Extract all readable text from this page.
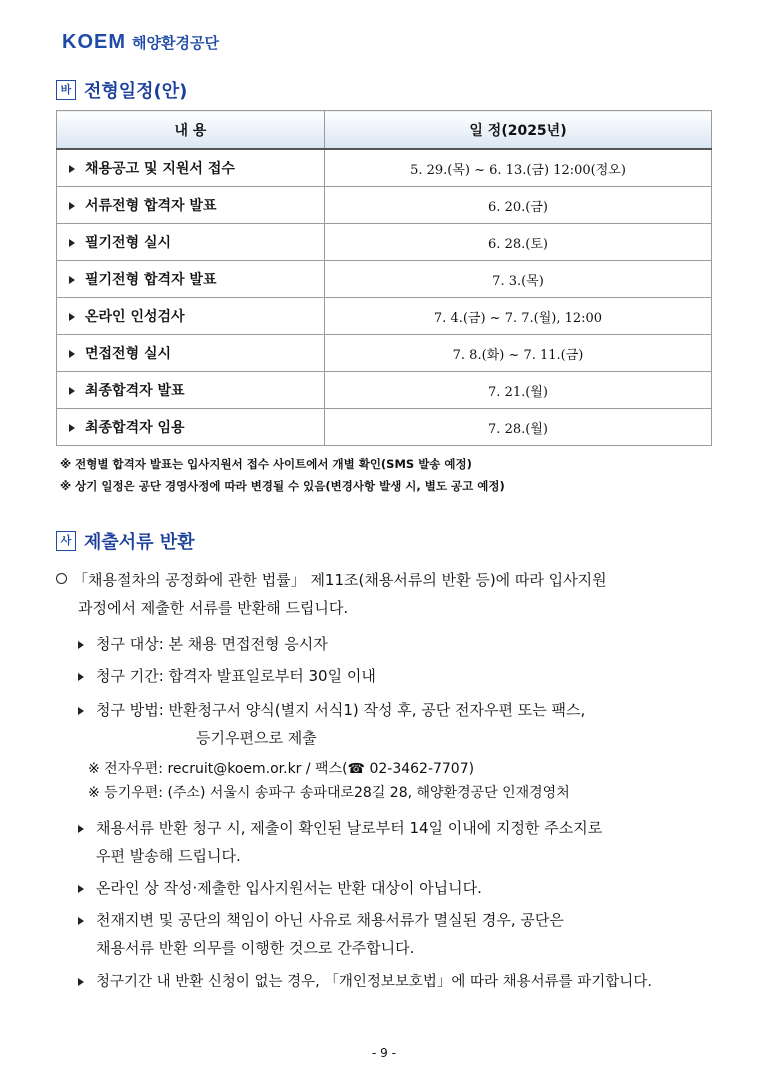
KOEM 해양환경공단
바 전형일정(안)
내 용	일 정(2025년)
채용공고 및 지원서 접수	5. 29.(목) ~ 6. 13.(금) 12:00(정오)
서류전형 합격자 발표	6. 20.(금)
필기전형 실시	6. 28.(토)
필기전형 합격자 발표	7. 3.(목)
온라인 인성검사	7. 4.(금) ~ 7. 7.(월), 12:00
면접전형 실시	7. 8.(화) ~ 7. 11.(금)
최종합격자 발표	7. 21.(월)
최종합격자 임용	7. 28.(월)
※ 전형별 합격자 발표는 입사지원서 접수 사이트에서 개별 확인(SMS 발송 예정)
※ 상기 일정은 공단 경영사정에 따라 변경될 수 있음(변경사항 발생 시, 별도 공고 예정)
사 제출서류 반환
「채용절차의 공정화에 관한 법률」 제11조(채용서류의 반환 등)에 따라 입사지원
과정에서 제출한 서류를 반환해 드립니다.
청구 대상: 본 채용 면접전형 응시자
청구 기간: 합격자 발표일로부터 30일 이내
청구 방법: 반환청구서 양식(별지 서식1) 작성 후, 공단 전자우편 또는 팩스,
등기우편으로 제출
※ 전자우편: recruit@koem.or.kr / 팩스(☎ 02-3462-7707)
※ 등기우편: (주소) 서울시 송파구 송파대로28길 28, 해양환경공단 인재경영처
채용서류 반환 청구 시, 제출이 확인된 날로부터 14일 이내에 지정한 주소지로
우편 발송해 드립니다.
온라인 상 작성·제출한 입사지원서는 반환 대상이 아닙니다.
천재지변 및 공단의 책임이 아닌 사유로 채용서류가 멸실된 경우, 공단은
채용서류 반환 의무를 이행한 것으로 간주합니다.
청구기간 내 반환 신청이 없는 경우, 「개인정보보호법」에 따라 채용서류를 파기합니다.
- 9 -
